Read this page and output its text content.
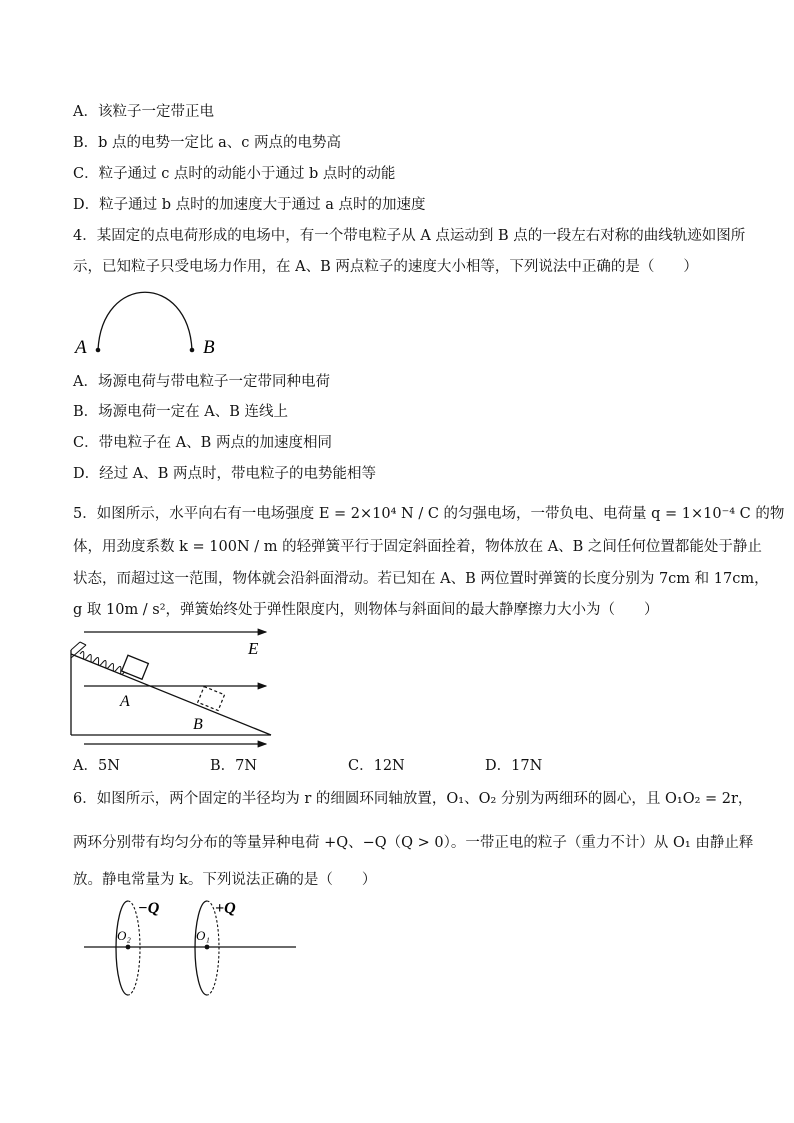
A．该粒子一定带正电
B．b 点的电势一定比 a、c 两点的电势高
C．粒子通过 c 点时的动能小于通过 b 点时的动能
D．粒子通过 b 点时的加速度大于通过 a 点时的加速度
4．某固定的点电荷形成的电场中，有一个带电粒子从 A 点运动到 B 点的一段左右对称的曲线轨迹如图所
示，已知粒子只受电场力作用，在 A、B 两点粒子的速度大小相等，下列说法中正确的是（　　）
A	B
A．场源电荷与带电粒子一定带同种电荷
B．场源电荷一定在 A、B 连线上
C．带电粒子在 A、B 两点的加速度相同
D．经过 A、B 两点时，带电粒子的电势能相等
5．如图所示，水平向右有一电场强度 E = 2×10⁴ N / C 的匀强电场，一带负电、电荷量 q = 1×10⁻⁴ C 的物
体，用劲度系数 k = 100N / m 的轻弹簧平行于固定斜面拴着，物体放在 A、B 之间任何位置都能处于静止
状态，而超过这一范围，物体就会沿斜面滑动。若已知在 A、B 两位置时弹簧的长度分别为 7cm 和 17cm，
g 取 10m / s²，弹簧始终处于弹性限度内，则物体与斜面间的最大静摩擦力大小为（　　）
E
A
B
A．5N	B．7N	C．12N	D．17N
6．如图所示，两个固定的半径均为 r 的细圆环同轴放置，O₁、O₂ 分别为两细环的圆心，且 O₁O₂ = 2r，
两环分别带有均匀分布的等量异种电荷 +Q、−Q（Q > 0）。一带正电的粒子（重力不计）从 O₁ 由静止释
放。静电常量为 k。下列说法正确的是（　　）
O₂
−Q
O₁
+Q
